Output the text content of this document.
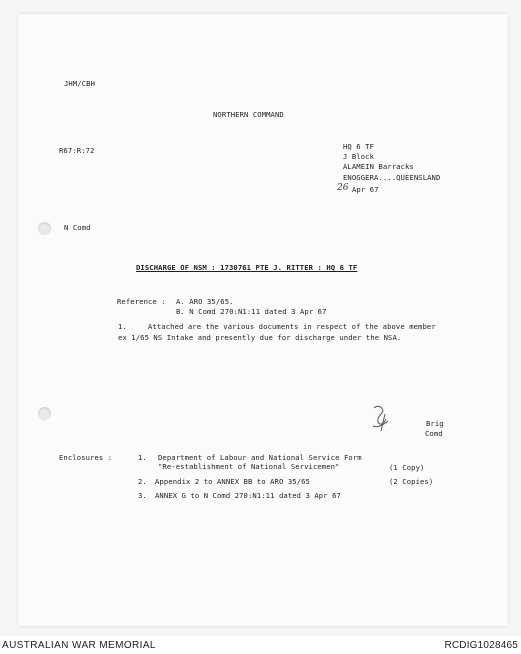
JHM/CBH
NORTHERN COMMAND
R67:R:72	HQ 6 TF
J Block
ALAMEIN Barracks
ENOGGERA....QUEENSLAND
26 Apr 67
N Comd
DISCHARGE OF NSM : 1730761 PTE J. RITTER : HQ 6 TF
Reference : A. ARO 35/65.
B. N Comd 270:N1:11 dated 3 Apr 67
1.	Attached are the various documents in respect of the above member
ex 1/65 NS Intake and presently due for discharge under the NSA.
Brig
Comd
Enclosures :	1. Department of Labour and National Service Form
"Re-establishment of National Servicemen"	(1 Copy)
2. Appendix 2 to ANNEX BB to ARO 35/65	(2 Copies)
3. ANNEX G to N Comd 270:N1:11 dated 3 Apr 67
AUSTRALIAN WAR MEMORIAL	RCDIG1028465
